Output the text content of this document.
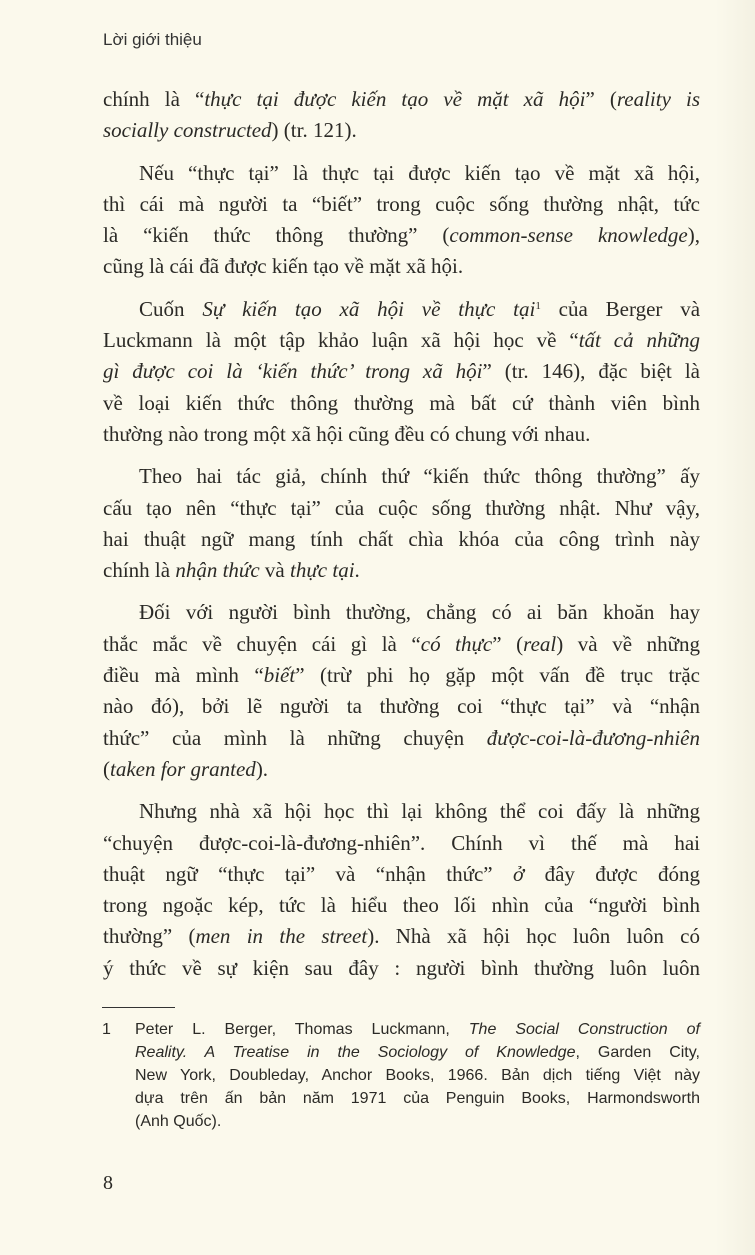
Lời giới thiệu
chính là “thực tại được kiến tạo về mặt xã hội” (reality is
socially constructed) (tr. 121).
Nếu “thực tại” là thực tại được kiến tạo về mặt xã hội,
thì cái mà người ta “biết” trong cuộc sống thường nhật, tức
là “kiến thức thông thường” (common-sense knowledge),
cũng là cái đã được kiến tạo về mặt xã hội.
Cuốn Sự kiến tạo xã hội về thực tại$^1$ của Berger và
Luckmann là một tập khảo luận xã hội học về “tất cả những
gì được coi là ‘kiến thức’ trong xã hội” (tr. 146), đặc biệt là
về loại kiến thức thông thường mà bất cứ thành viên bình
thường nào trong một xã hội cũng đều có chung với nhau.
Theo hai tác giả, chính thứ “kiến thức thông thường” ấy
cấu tạo nên “thực tại” của cuộc sống thường nhật. Như vậy,
hai thuật ngữ mang tính chất chìa khóa của công trình này
chính là nhận thức và thực tại.
Đối với người bình thường, chẳng có ai băn khoăn hay
thắc mắc về chuyện cái gì là “có thực” (real) và về những
điều mà mình “biết” (trừ phi họ gặp một vấn đề trục trặc
nào đó), bởi lẽ người ta thường coi “thực tại” và “nhận
thức” của mình là những chuyện được-coi-là-đương-nhiên
(taken for granted).
Nhưng nhà xã hội học thì lại không thể coi đấy là những
“chuyện được-coi-là-đương-nhiên”. Chính vì thế mà hai
thuật ngữ “thực tại” và “nhận thức” ở đây được đóng
trong ngoặc kép, tức là hiểu theo lối nhìn của “người bình
thường” (men in the street). Nhà xã hội học luôn luôn có
ý thức về sự kiện sau đây : người bình thường luôn luôn
1 Peter L. Berger, Thomas Luckmann, The Social Construction of
Reality. A Treatise in the Sociology of Knowledge, Garden City,
New York, Doubleday, Anchor Books, 1966. Bản dịch tiếng Việt này
dựa trên ấn bản năm 1971 của Penguin Books, Harmondsworth
(Anh Quốc).
8
